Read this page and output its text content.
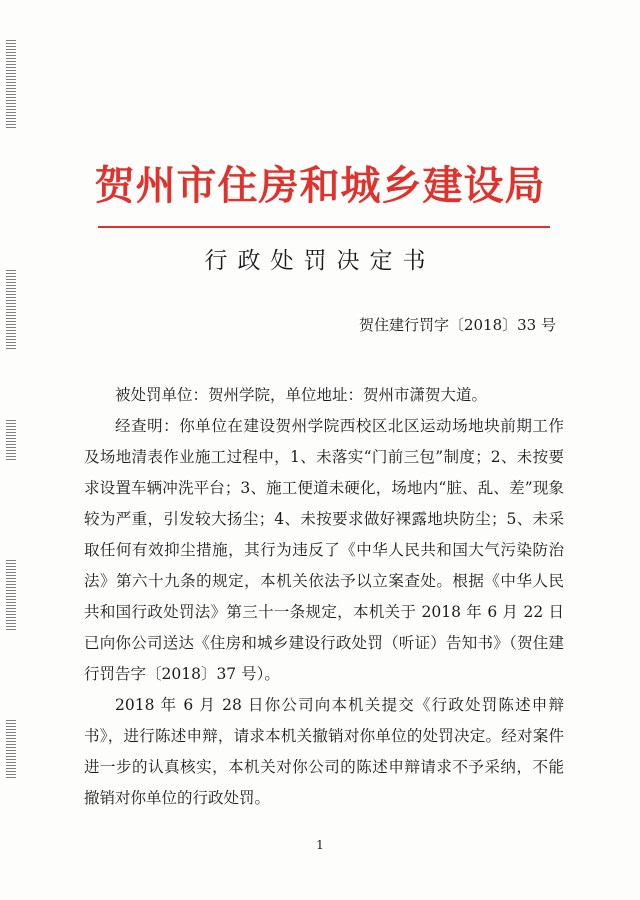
贺州市住房和城乡建设局
行政处罚决定书
贺住建行罚字〔2018〕33 号

被处罚单位：贺州学院，单位地址：贺州市潇贺大道。

经查明：你单位在建设贺州学院西校区北区运动场地块前期工作及场地清表作业施工过程中，1、未落实“门前三包”制度；2、未按要求设置车辆冲洗平台；3、施工便道未硬化，场地内“脏、乱、差”现象较为严重，引发较大扬尘；4、未按要求做好裸露地块防尘；5、未采取任何有效抑尘措施，其行为违反了《中华人民共和国大气污染防治法》第六十九条的规定，本机关依法予以立案查处。根据《中华人民共和国行政处罚法》第三十一条规定，本机关于 2018 年 6 月 22 日已向你公司送达《住房和城乡建设行政处罚（听证）告知书》（贺住建行罚告字〔2018〕37 号）。

2018 年 6 月 28 日你公司向本机关提交《行政处罚陈述申辩书》，进行陈述申辩，请求本机关撤销对你单位的处罚决定。经对案件进一步的认真核实，本机关对你公司的陈述申辩请求不予采纳，不能撤销对你单位的行政处罚。

1
